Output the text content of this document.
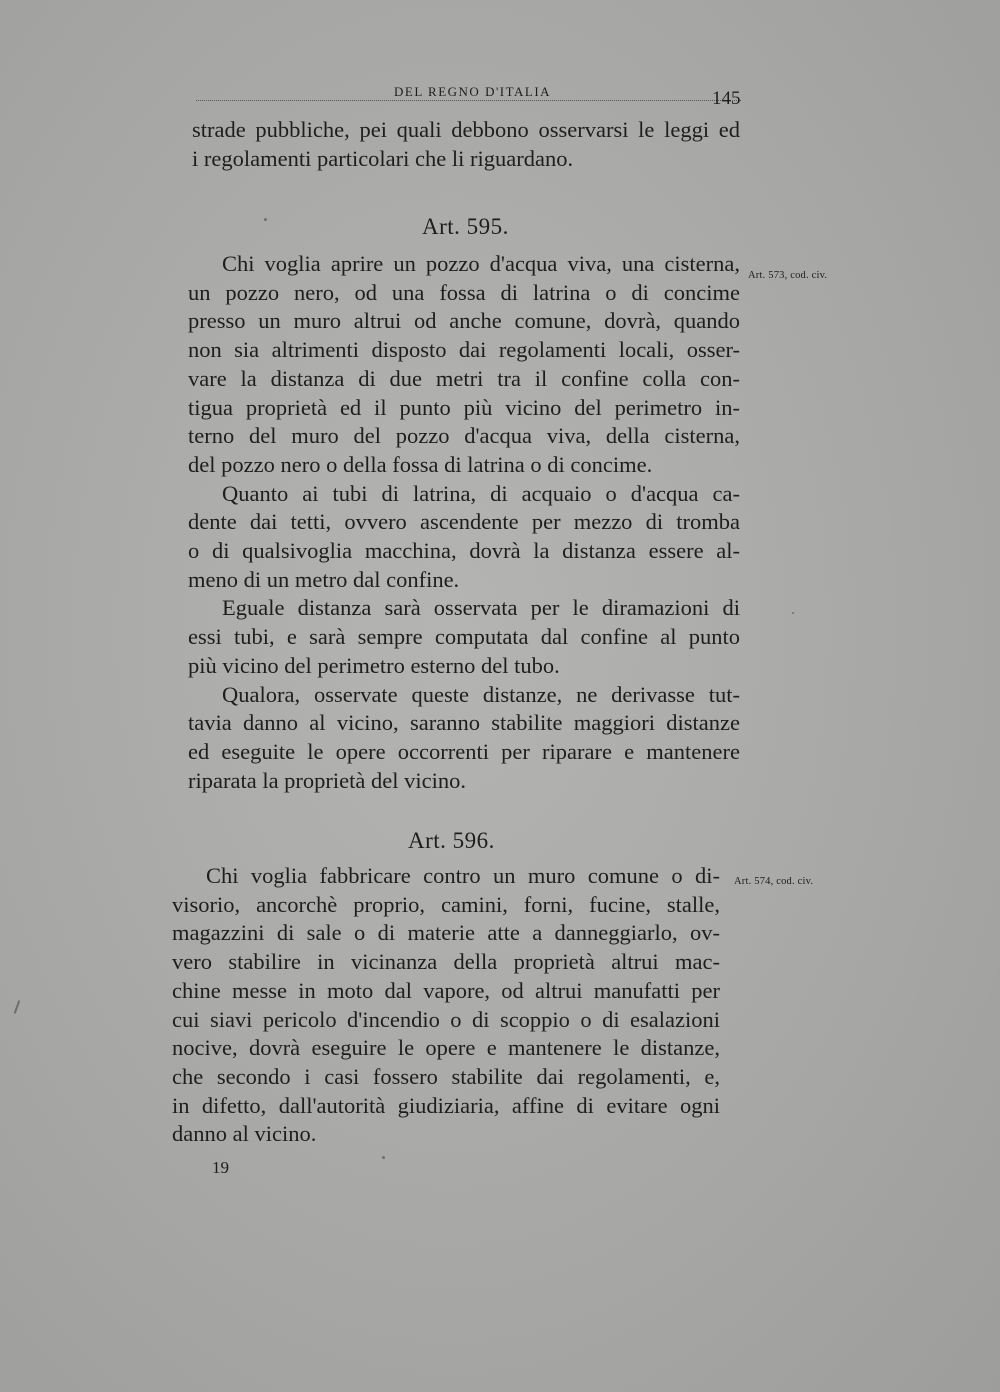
DEL REGNO D'ITALIA	145
strade pubbliche, pei quali debbono osservarsi le leggi ed
i regolamenti particolari che li riguardano.
Art. 595.
Art. 573, cod. civ.
Chi voglia aprire un pozzo d'acqua viva, una cisterna,
un pozzo nero, od una fossa di latrina o di concime
presso un muro altrui od anche comune, dovrà, quando
non sia altrimenti disposto dai regolamenti locali, osser-
vare la distanza di due metri tra il confine colla con-
tigua proprietà ed il punto più vicino del perimetro in-
terno del muro del pozzo d'acqua viva, della cisterna,
del pozzo nero o della fossa di latrina o di concime.
Quanto ai tubi di latrina, di acquaio o d'acqua ca-
dente dai tetti, ovvero ascendente per mezzo di tromba
o di qualsivoglia macchina, dovrà la distanza essere al-
meno di un metro dal confine.
Eguale distanza sarà osservata per le diramazioni di
essi tubi, e sarà sempre computata dal confine al punto
più vicino del perimetro esterno del tubo.
Qualora, osservate queste distanze, ne derivasse tut-
tavia danno al vicino, saranno stabilite maggiori distanze
ed eseguite le opere occorrenti per riparare e mantenere
riparata la proprietà del vicino.
Art. 596.
Art. 574, cod. civ.
Chi voglia fabbricare contro un muro comune o di-
visorio, ancorchè proprio, camini, forni, fucine, stalle,
magazzini di sale o di materie atte a danneggiarlo, ov-
vero stabilire in vicinanza della proprietà altrui mac-
chine messe in moto dal vapore, od altrui manufatti per
cui siavi pericolo d'incendio o di scoppio o di esalazioni
nocive, dovrà eseguire le opere e mantenere le distanze,
che secondo i casi fossero stabilite dai regolamenti, e,
in difetto, dall'autorità giudiziaria, affine di evitare ogni
danno al vicino.
19
